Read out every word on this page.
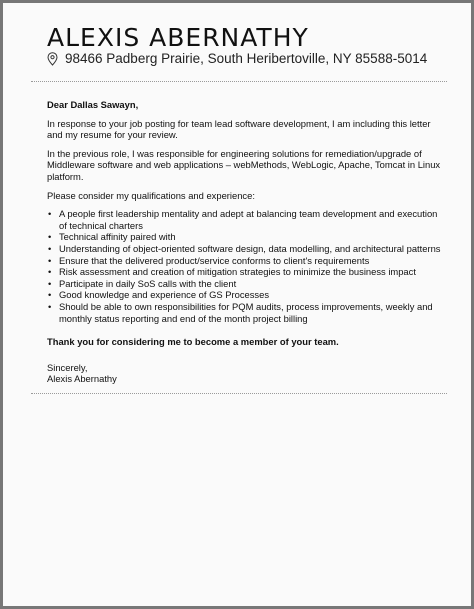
ALEXIS ABERNATHY
98466 Padberg Prairie, South Heribertoville, NY 85588-5014

Dear Dallas Sawayn,

In response to your job posting for team lead software development, I am including this letter and my resume for your review.

In the previous role, I was responsible for engineering solutions for remediation/upgrade of Middleware software and web applications – webMethods, WebLogic, Apache, Tomcat in Linux platform.

Please consider my qualifications and experience:

• A people first leadership mentality and adept at balancing team development and execution of technical charters
• Technical affinity paired with
• Understanding of object-oriented software design, data modelling, and architectural patterns
• Ensure that the delivered product/service conforms to client's requirements
• Risk assessment and creation of mitigation strategies to minimize the business impact
• Participate in daily SoS calls with the client
• Good knowledge and experience of GS Processes
• Should be able to own responsibilities for PQM audits, process improvements, weekly and monthly status reporting and end of the month project billing

Thank you for considering me to become a member of your team.

Sincerely,

Alexis Abernathy
